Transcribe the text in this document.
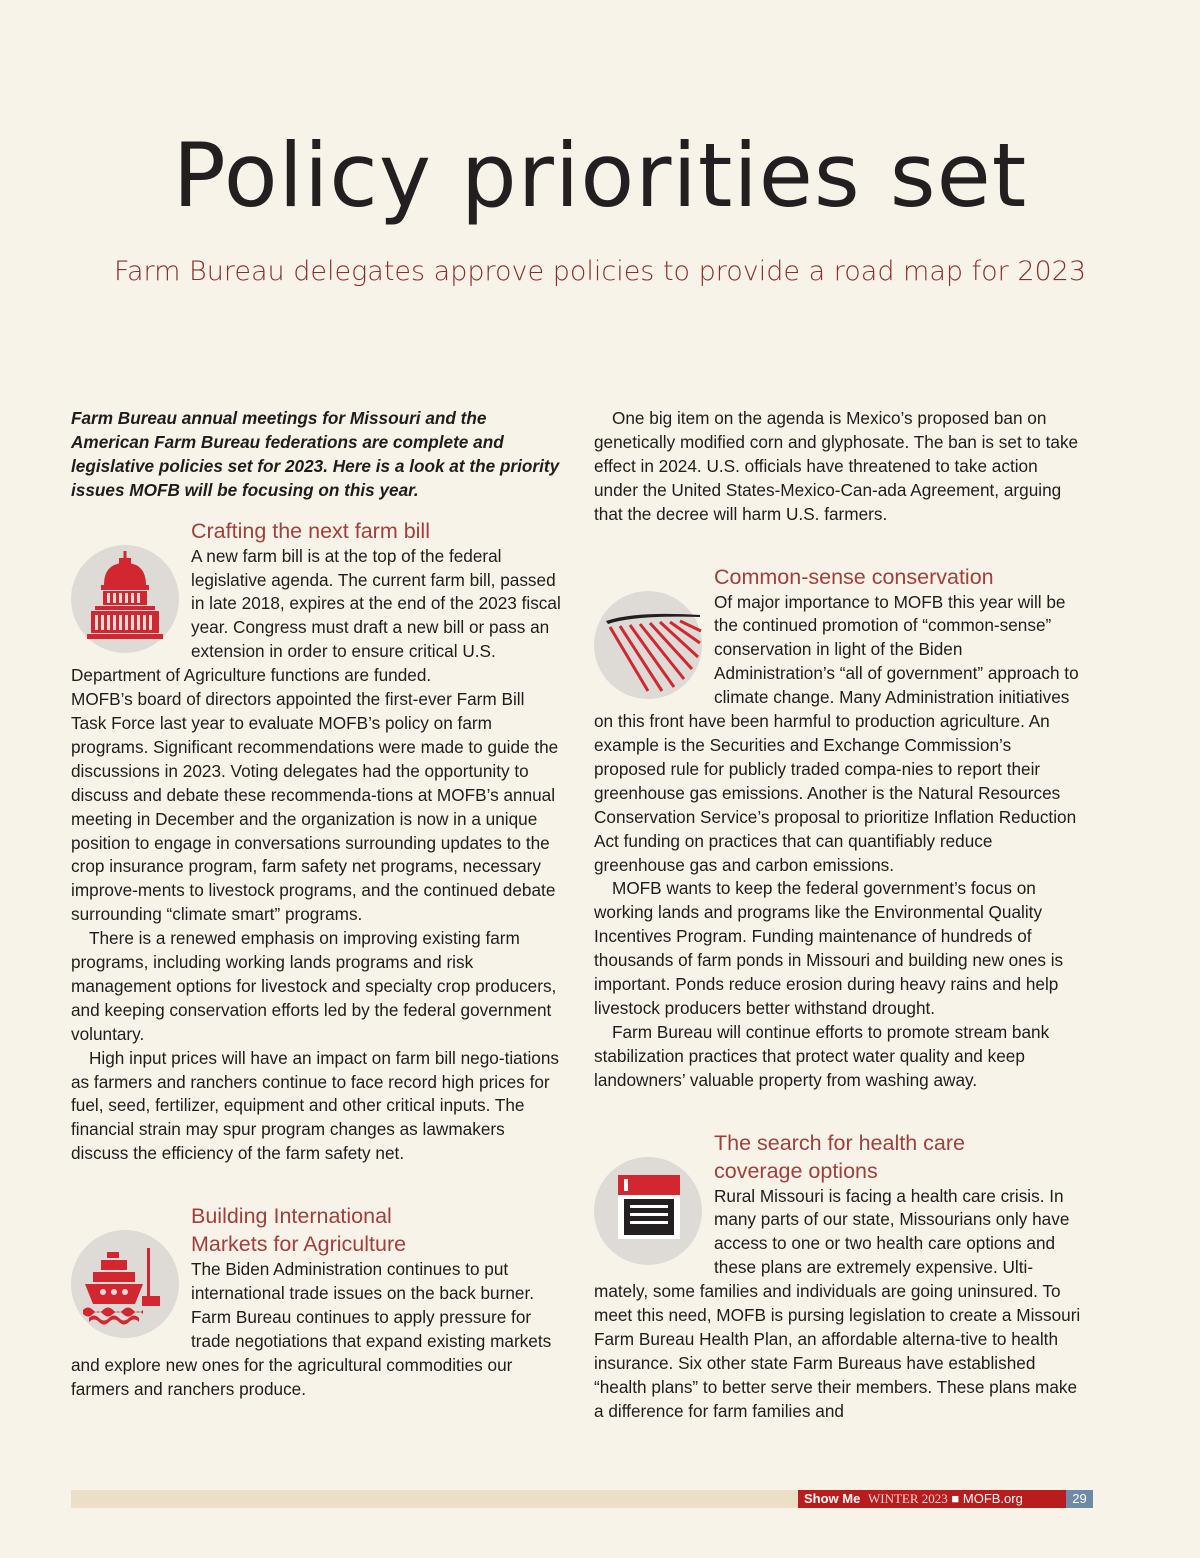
Policy priorities set
Farm Bureau delegates approve policies to provide a road map for 2023

Farm Bureau annual meetings for Missouri and the American Farm Bureau federations are complete and legislative policies set for 2023. Here is a look at the priority issues MOFB will be focusing on this year.

Crafting the next farm bill

A new farm bill is at the top of the federal legislative agenda. The current farm bill, passed in late 2018, expires at the end of the 2023 fiscal year. Congress must draft a new bill or pass an extension in order to ensure critical U.S. Department of Agriculture functions are funded.

MOFB’s board of directors appointed the first-ever Farm Bill Task Force last year to evaluate MOFB’s policy on farm programs. Significant recommendations were made to guide the discussions in 2023. Voting delegates had the opportunity to discuss and debate these recommenda-tions at MOFB’s annual meeting in December and the organization is now in a unique position to engage in conversations surrounding updates to the crop insurance program, farm safety net programs, necessary improve-ments to livestock programs, and the continued debate surrounding “climate smart” programs.

There is a renewed emphasis on improving existing farm programs, including working lands programs and risk management options for livestock and specialty crop producers, and keeping conservation efforts led by the federal government voluntary.

High input prices will have an impact on farm bill nego-tiations as farmers and ranchers continue to face record high prices for fuel, seed, fertilizer, equipment and other critical inputs. The financial strain may spur program changes as lawmakers discuss the efficiency of the farm safety net.

Building International
Markets for Agriculture

The Biden Administration continues to put international trade issues on the back burner. Farm Bureau continues to apply pressure for trade negotiations that expand existing markets and explore new ones for the agricultural commodities our farmers and ranchers produce.

One big item on the agenda is Mexico’s proposed ban on genetically modified corn and glyphosate. The ban is set to take effect in 2024. U.S. officials have threatened to take action under the United States-Mexico-Can-ada Agreement, arguing that the decree will harm U.S. farmers.

Common-sense conservation

Of major importance to MOFB this year will be the continued promotion of “common-sense” conservation in light of the Biden Administration’s “all of government” approach to climate change. Many Administration initiatives on this front have been harmful to production agriculture. An example is the Securities and Exchange Commission’s proposed rule for publicly traded compa-nies to report their greenhouse gas emissions. Another is the Natural Resources Conservation Service’s proposal to prioritize Inflation Reduction Act funding on practices that can quantifiably reduce greenhouse gas and carbon emissions.

MOFB wants to keep the federal government’s focus on working lands and programs like the Environmental Quality Incentives Program. Funding maintenance of hundreds of thousands of farm ponds in Missouri and building new ones is important. Ponds reduce erosion during heavy rains and help livestock producers better withstand drought.

Farm Bureau will continue efforts to promote stream bank stabilization practices that protect water quality and keep landowners’ valuable property from washing away.

The search for health care
coverage options

Rural Missouri is facing a health care crisis. In many parts of our state, Missourians only have access to one or two health care options and these plans are extremely expensive. Ulti-mately, some families and individuals are going uninsured. To meet this need, MOFB is pursing legislation to create a Missouri Farm Bureau Health Plan, an affordable alterna-tive to health insurance. Six other state Farm Bureaus have established “health plans” to better serve their members. These plans make a difference for farm families and

Show Me WINTER 2023 ■ MOFB.org	29
